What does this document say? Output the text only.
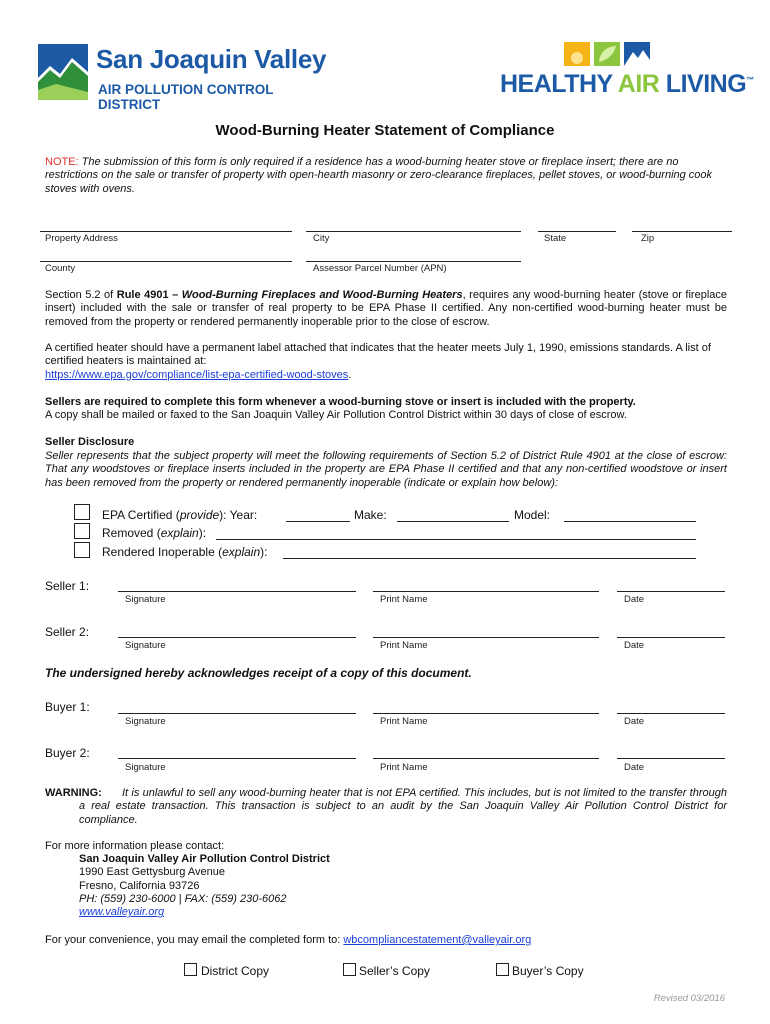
San Joaquin Valley
AIR POLLUTION CONTROL DISTRICT
HEALTHY AIR LIVING™
Wood-Burning Heater Statement of Compliance
NOTE: The submission of this form is only required if a residence has a wood-burning heater stove or fireplace insert; there are no restrictions on the sale or transfer of property with open-hearth masonry or zero-clearance fireplaces, pellet stoves, or wood-burning cook stoves with ovens.
Property Address	City	State	Zip
County	Assessor Parcel Number (APN)
Section 5.2 of Rule 4901 – Wood-Burning Fireplaces and Wood-Burning Heaters, requires any wood-burning heater (stove or fireplace insert) included with the sale or transfer of real property to be EPA Phase II certified. Any non-certified wood-burning heater must be removed from the property or rendered permanently inoperable prior to the close of escrow.
A certified heater should have a permanent label attached that indicates that the heater meets July 1, 1990, emissions standards. A list of certified heaters is maintained at:
https://www.epa.gov/compliance/list-epa-certified-wood-stoves.
Sellers are required to complete this form whenever a wood-burning stove or insert is included with the property.
A copy shall be mailed or faxed to the San Joaquin Valley Air Pollution Control District within 30 days of close of escrow.
Seller Disclosure
Seller represents that the subject property will meet the following requirements of Section 5.2 of District Rule 4901 at the close of escrow: That any woodstoves or fireplace inserts included in the property are EPA Phase II certified and that any non-certified woodstove or insert has been removed from the property or rendered permanently inoperable (indicate or explain how below):
EPA Certified (provide): Year:	Make:	Model:
Removed (explain):
Rendered Inoperable (explain):
Seller 1:
Signature	Print Name	Date
Seller 2:
Signature	Print Name	Date
The undersigned hereby acknowledges receipt of a copy of this document.
Buyer 1:
Signature	Print Name	Date
Buyer 2:
Signature	Print Name	Date
WARNING:	It is unlawful to sell any wood-burning heater that is not EPA certified. This includes, but is not limited to the transfer through a real estate transaction. This transaction is subject to an audit by the San Joaquin Valley Air Pollution Control District for compliance.
For more information please contact:
San Joaquin Valley Air Pollution Control District
1990 East Gettysburg Avenue
Fresno, California 93726
PH: (559) 230-6000 | FAX: (559) 230-6062
www.valleyair.org
For your convenience, you may email the completed form to: wbcompliancestatement@valleyair.org
District Copy	Seller’s Copy	Buyer’s Copy
Revised 03/2016
